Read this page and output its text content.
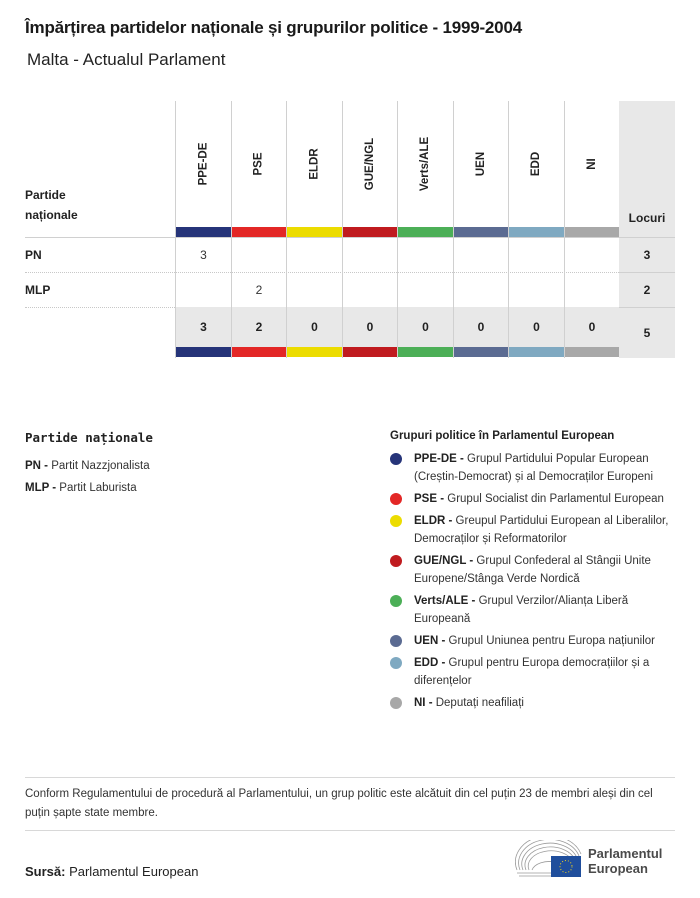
Împărțirea partidelor naționale și grupurilor politice - 1999-2004
Malta - Actualul Parlament
Partide
naționale
PN
MLP
PPE-DE
3
3
PSE
2
2
ELDR
0
GUE/NGL
0
Verts/ALE
0
UEN
0
EDD
0
NI
0
Locuri
3
2
5
Partide naționale
PN - Partit Nazzjonalista
MLP - Partit Laburista
Grupuri politice în Parlamentul European
PPE-DE - Grupul Partidului Popular European (Creștin-Democrat) și al Democraților Europeni
PSE - Grupul Socialist din Parlamentul European
ELDR - Greupul Partidului European al Liberalilor, Democraților și Reformatorilor
GUE/NGL - Grupul Confederal al Stângii Unite Europene/Stânga Verde Nordică
Verts/ALE - Grupul Verzilor/Alianța Liberă Europeană
UEN - Grupul Uniunea pentru Europa națiunilor
EDD - Grupul pentru Europa democrațiilor și a diferențelor
NI - Deputați neafiliați
Conform Regulamentului de procedură al Parlamentului, un grup politic este alcătuit din cel puțin 23 de membri aleși din cel puțin șapte state membre.
Sursă: Parlamentul European
Parlamentul
European
